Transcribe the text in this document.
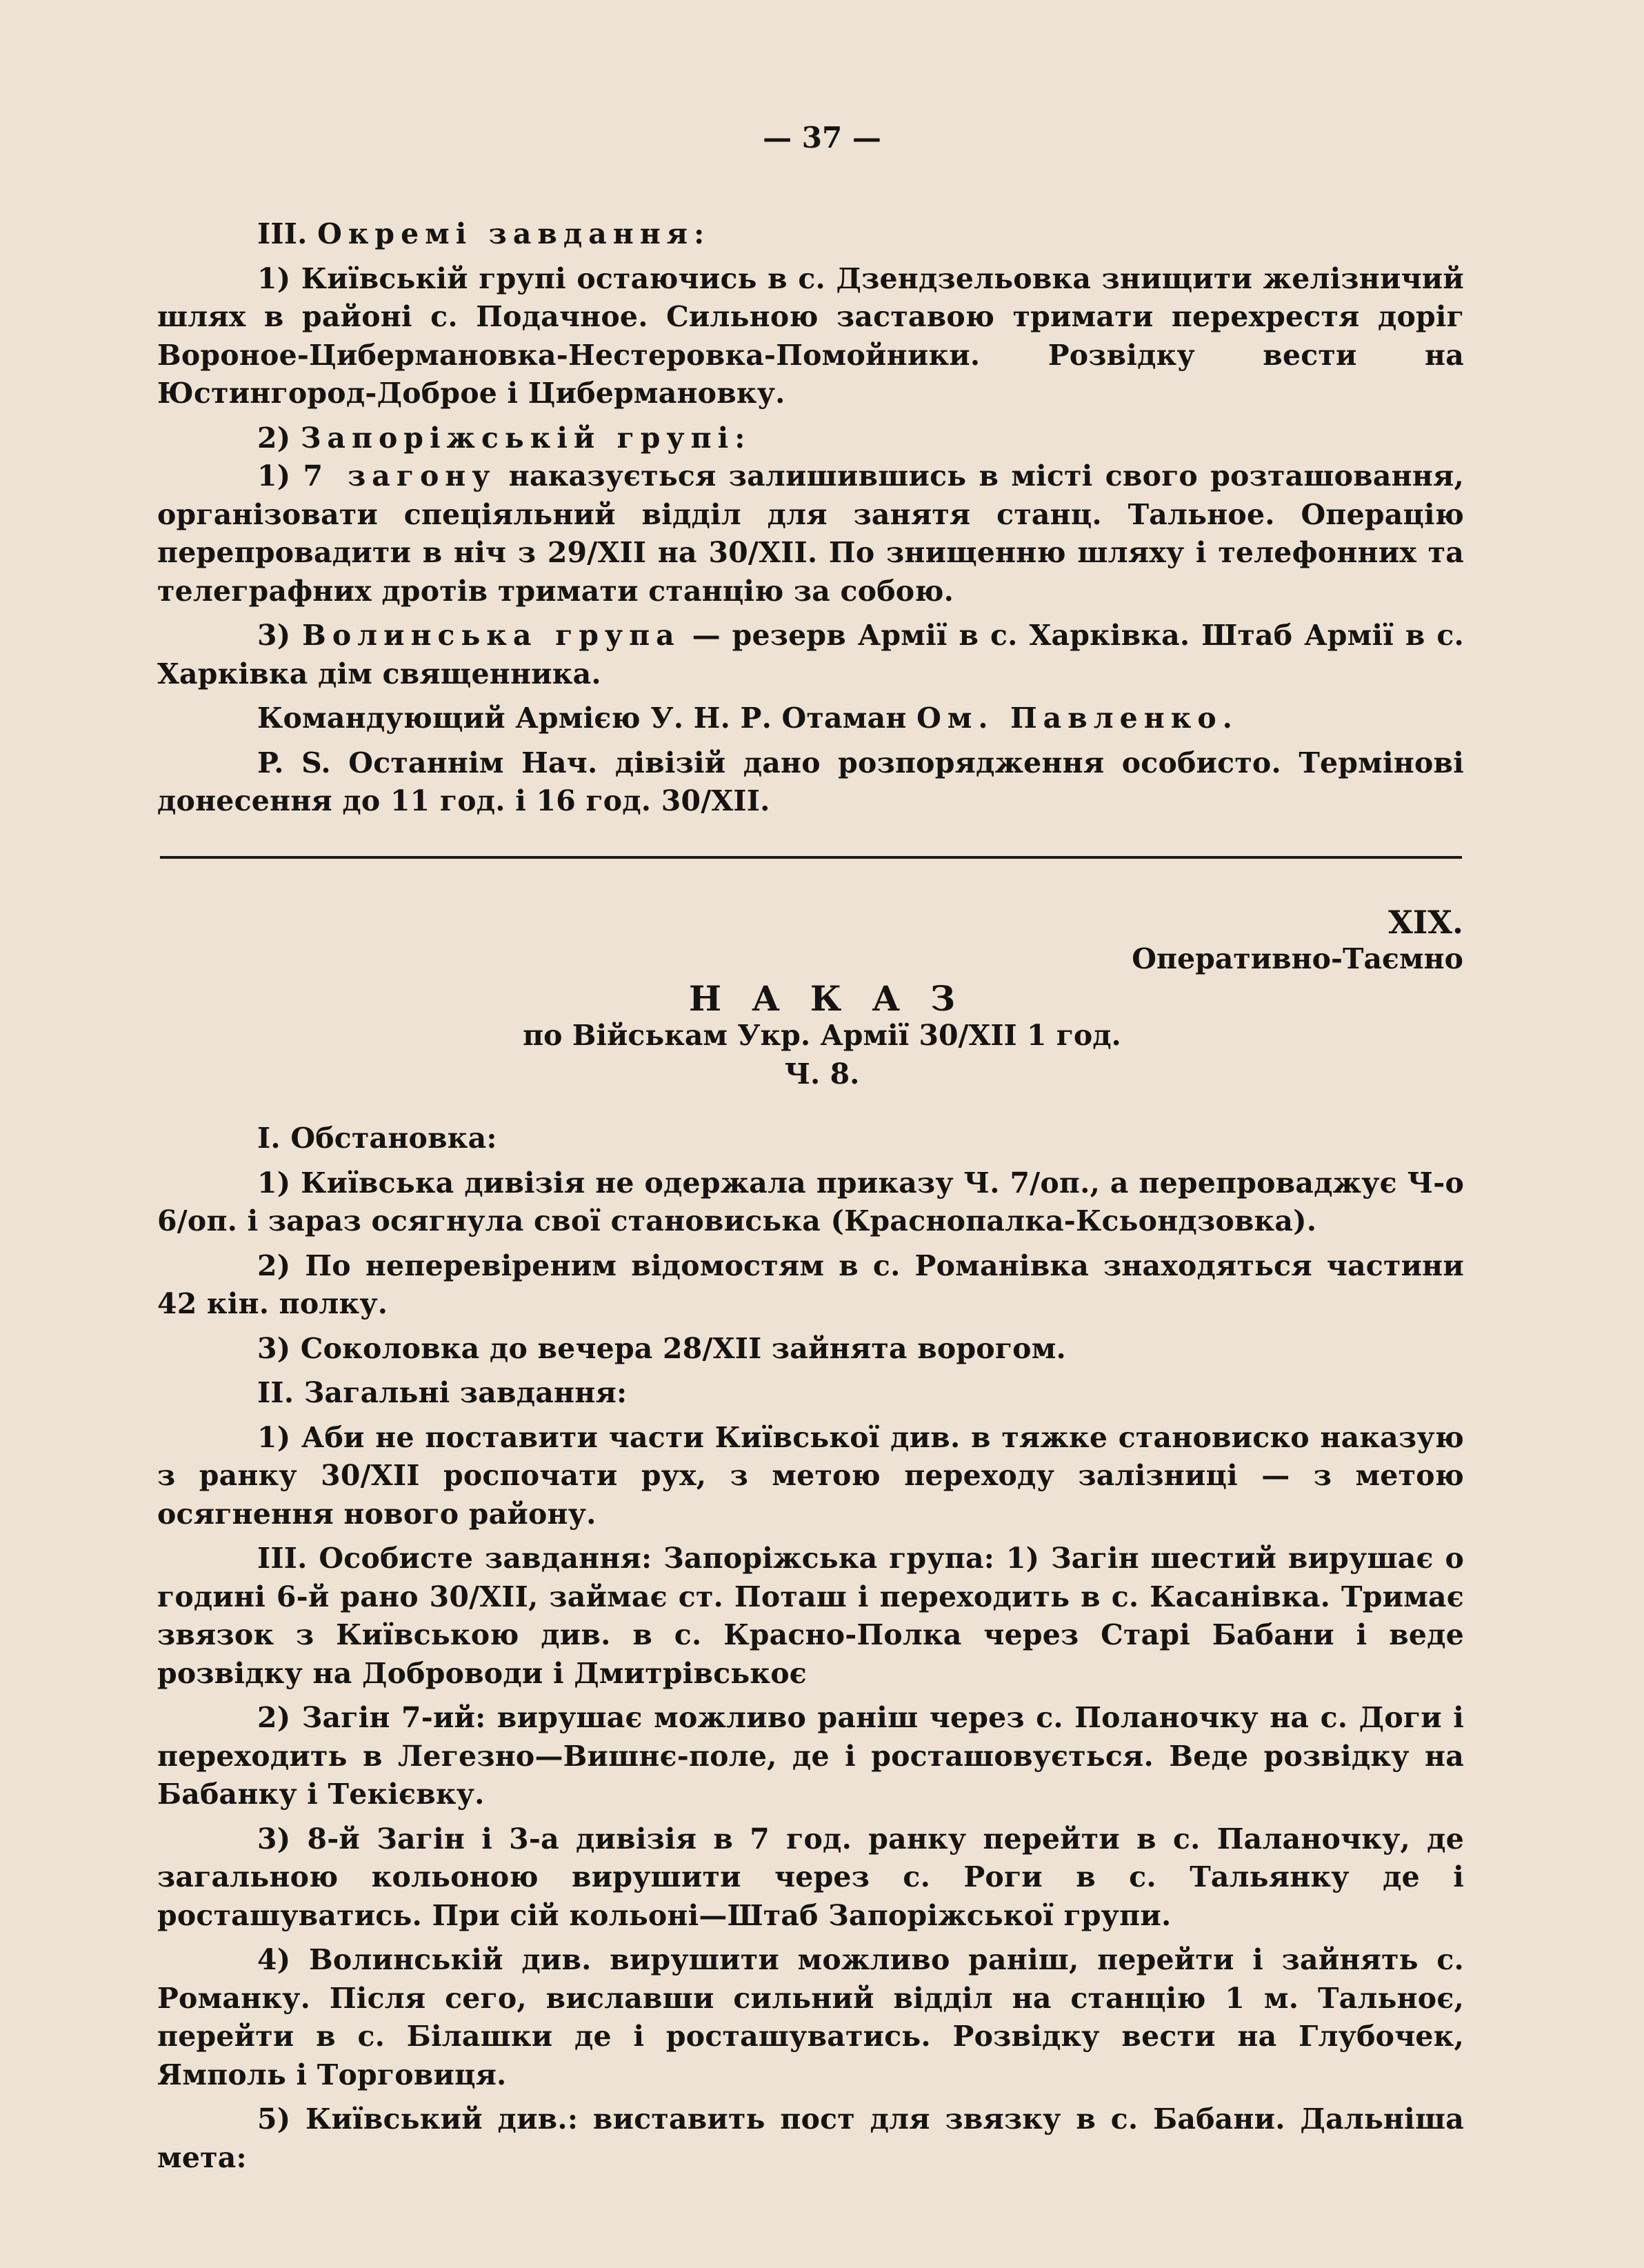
— 37 —

III. Окремі завдання:

1) Київській групі остаючись в с. Дзендзельовка знищити желізничий шлях в районі с. Подачное. Сильною заставою тримати перехрестя доріг Вороное-Цибермановка-Нестеровка-Помойники. Розвідку вести на Юстингород-Доброе і Цибермановку.

2) Запоріжській групі:

1) 7 загону наказується залишившись в місті свого розташовання, організовати спеціяльний відділ для занятя станц. Тальное. Операцію перепровадити в ніч з 29/XII на 30/XII. По знищенню шляху і телефонних та телеграфних дротів тримати станцію за собою.

3) Волинська група — резерв Армії в с. Харківка. Штаб Армії в с. Харківка дім священника.

Командующий Армією У. Н. Р. Отаман Ом. Павленко.

P. S. Останнім Нач. дівізій дано розпорядження особисто. Термінові донесення до 11 год. і 16 год. 30/XII.

XIX.
Оперативно-Таємно
НАКАЗ
по Військам Укр. Армії 30/XII 1 год.
Ч. 8.

I. Обстановка:

1) Київська дивізія не одержала приказу Ч. 7/оп., а перепроваджує Ч-о 6/оп. і зараз осягнула свої становиська (Краснопалка-Ксьондзовка).

2) По неперевіреним відомостям в с. Романівка знаходяться частини 42 кін. полку.

3) Соколовка до вечера 28/XII зайнята ворогом.

II. Загальні завдання:

1) Аби не поставити части Київської див. в тяжке становиско наказую з ранку 30/XII роспочати рух, з метою переходу залізниці — з метою осягнення нового району.

III. Особисте завдання: Запоріжська група: 1) Загін шестий вирушає о годині 6-й рано 30/XII, займає ст. Поташ і переходить в с. Касанівка. Тримає звязок з Київською див. в с. Красно-Полка через Старі Бабани і веде розвідку на Доброводи і Дмитрівськоє

2) Загін 7-ий: вирушає можливо раніш через с. Поланочку на с. Доги і переходить в Легезно—Вишнє-поле, де і росташовується. Веде розвідку на Бабанку і Текієвку.

3) 8-й Загін і 3-а дивізія в 7 год. ранку перейти в с. Паланочку, де загальною кольоною вирушити через с. Роги в с. Тальянку де і росташуватись. При сій кольоні—Штаб Запоріжської групи.

4) Волинській див. вирушити можливо раніш, перейти і зайнять с. Романку. Після сего, виславши сильний відділ на станцію 1 м. Тальноє, перейти в с. Білашки де і росташуватись. Розвідку вести на Глубочек, Ямполь і Торговиця.

5) Київський див.: виставить пост для звязку в с. Бабани. Дальніша мета:
